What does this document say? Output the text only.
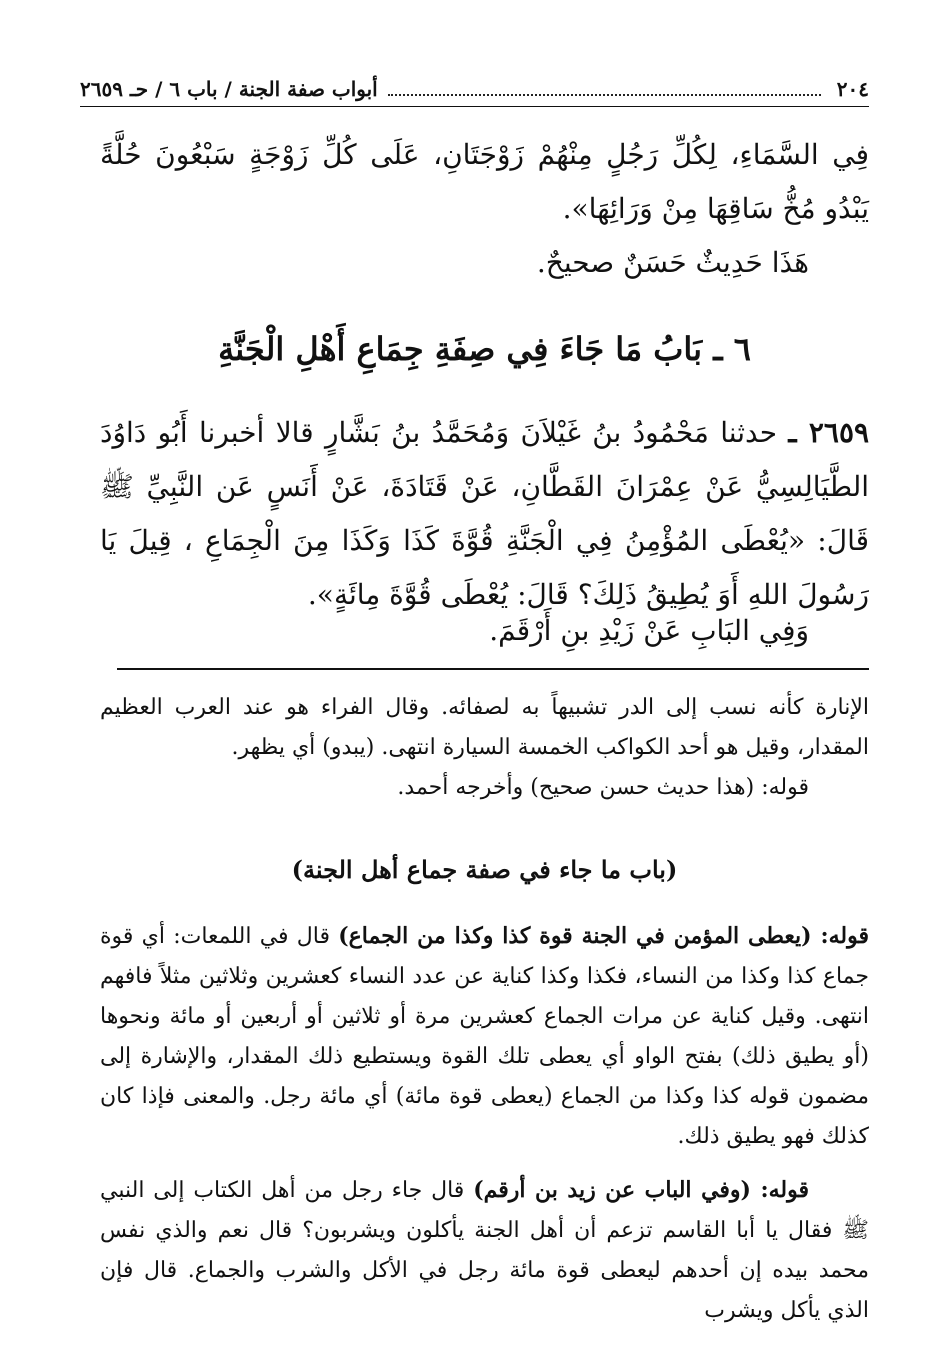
٢٠٤
أبواب صفة الجنة / باب ٦ / حـ ٢٦٥٩
فِي السَّمَاءِ، لِكُلِّ رَجُلٍ مِنْهُمْ زَوْجَتَانِ، عَلَى كُلِّ زَوْجَةٍ سَبْعُونَ حُلَّةً يَبْدُو مُخُّ سَاقِهَا مِنْ وَرَائِهَا».
هَذَا حَدِيثٌ حَسَنٌ صحيحٌ.
٦ ـ بَابُ مَا جَاءَ فِي صِفَةِ جِمَاعِ أَهْلِ الْجَنَّةِ
٢٦٥٩ ـ حدثنا مَحْمُودُ بنُ غَيْلاَنَ وَمُحَمَّدُ بنُ بَشَّارٍ قالا أخبرنا أَبُو دَاوُدَ الطَّيَالِسِيُّ عَنْ عِمْرَانَ القَطَّانِ، عَنْ قَتَادَةَ، عَنْ أَنَسٍ عَن النَّبِيِّ ﷺ قَالَ: «يُعْطَى المُؤْمِنُ فِي الْجَنَّةِ قُوَّةَ كَذَا وَكَذَا مِنَ الْجِمَاعِ ، قِيلَ يَا رَسُولَ اللهِ أَوَ يُطِيقُ ذَلِكَ؟ قَالَ: يُعْطَى قُوَّةَ مِائَةٍ».
وَفِي البَابِ عَنْ زَيْدِ بنِ أَرْقَمَ.
الإنارة كأنه نسب إلى الدر تشبيهاً به لصفائه. وقال الفراء هو عند العرب العظيم المقدار، وقيل هو أحد الكواكب الخمسة السيارة انتهى. (يبدو) أي يظهر.
قوله: (هذا حديث حسن صحيح) وأخرجه أحمد.
(باب ما جاء في صفة جماع أهل الجنة)
قوله: (يعطى المؤمن في الجنة قوة كذا وكذا من الجماع) قال في اللمعات: أي قوة جماع كذا وكذا من النساء، فكذا وكذا كناية عن عدد النساء كعشرين وثلاثين مثلاً فافهم انتهى. وقيل كناية عن مرات الجماع كعشرين مرة أو ثلاثين أو أربعين أو مائة ونحوها (أو يطيق ذلك) بفتح الواو أي يعطى تلك القوة ويستطيع ذلك المقدار، والإشارة إلى مضمون قوله كذا وكذا من الجماع (يعطى قوة مائة) أي مائة رجل. والمعنى فإذا كان كذلك فهو يطيق ذلك.
قوله: (وفي الباب عن زيد بن أرقم) قال جاء رجل من أهل الكتاب إلى النبي ﷺ فقال يا أبا القاسم تزعم أن أهل الجنة يأكلون ويشربون؟ قال نعم والذي نفس محمد بيده إن أحدهم ليعطى قوة مائة رجل في الأكل والشرب والجماع. قال فإن الذي يأكل ويشرب
